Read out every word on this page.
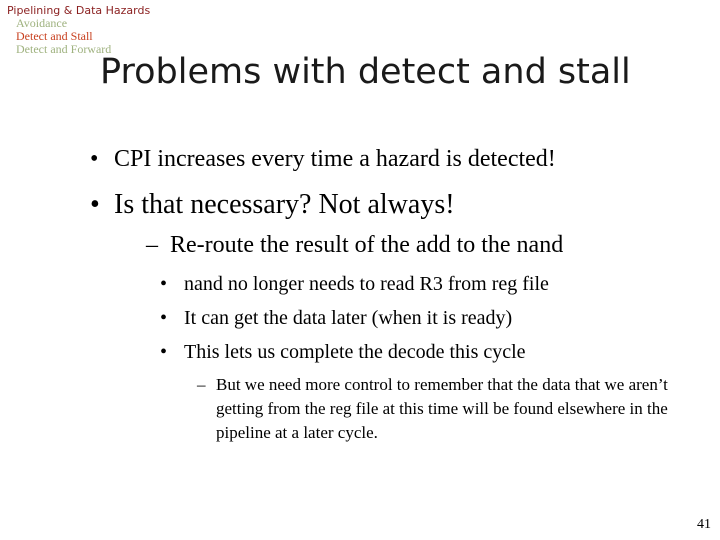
Pipelining & Data Hazards
Avoidance
Detect and Stall
Detect and Forward
Problems with detect and stall
• CPI increases every time a hazard is detected!
• Is that necessary? Not always!
– Re-route the result of the add to the nand
• nand no longer needs to read R3 from reg file
• It can get the data later (when it is ready)
• This lets us complete the decode this cycle
– But we need more control to remember that the data that we aren’t getting from the reg file at this time will be found elsewhere in the pipeline at a later cycle.
41
